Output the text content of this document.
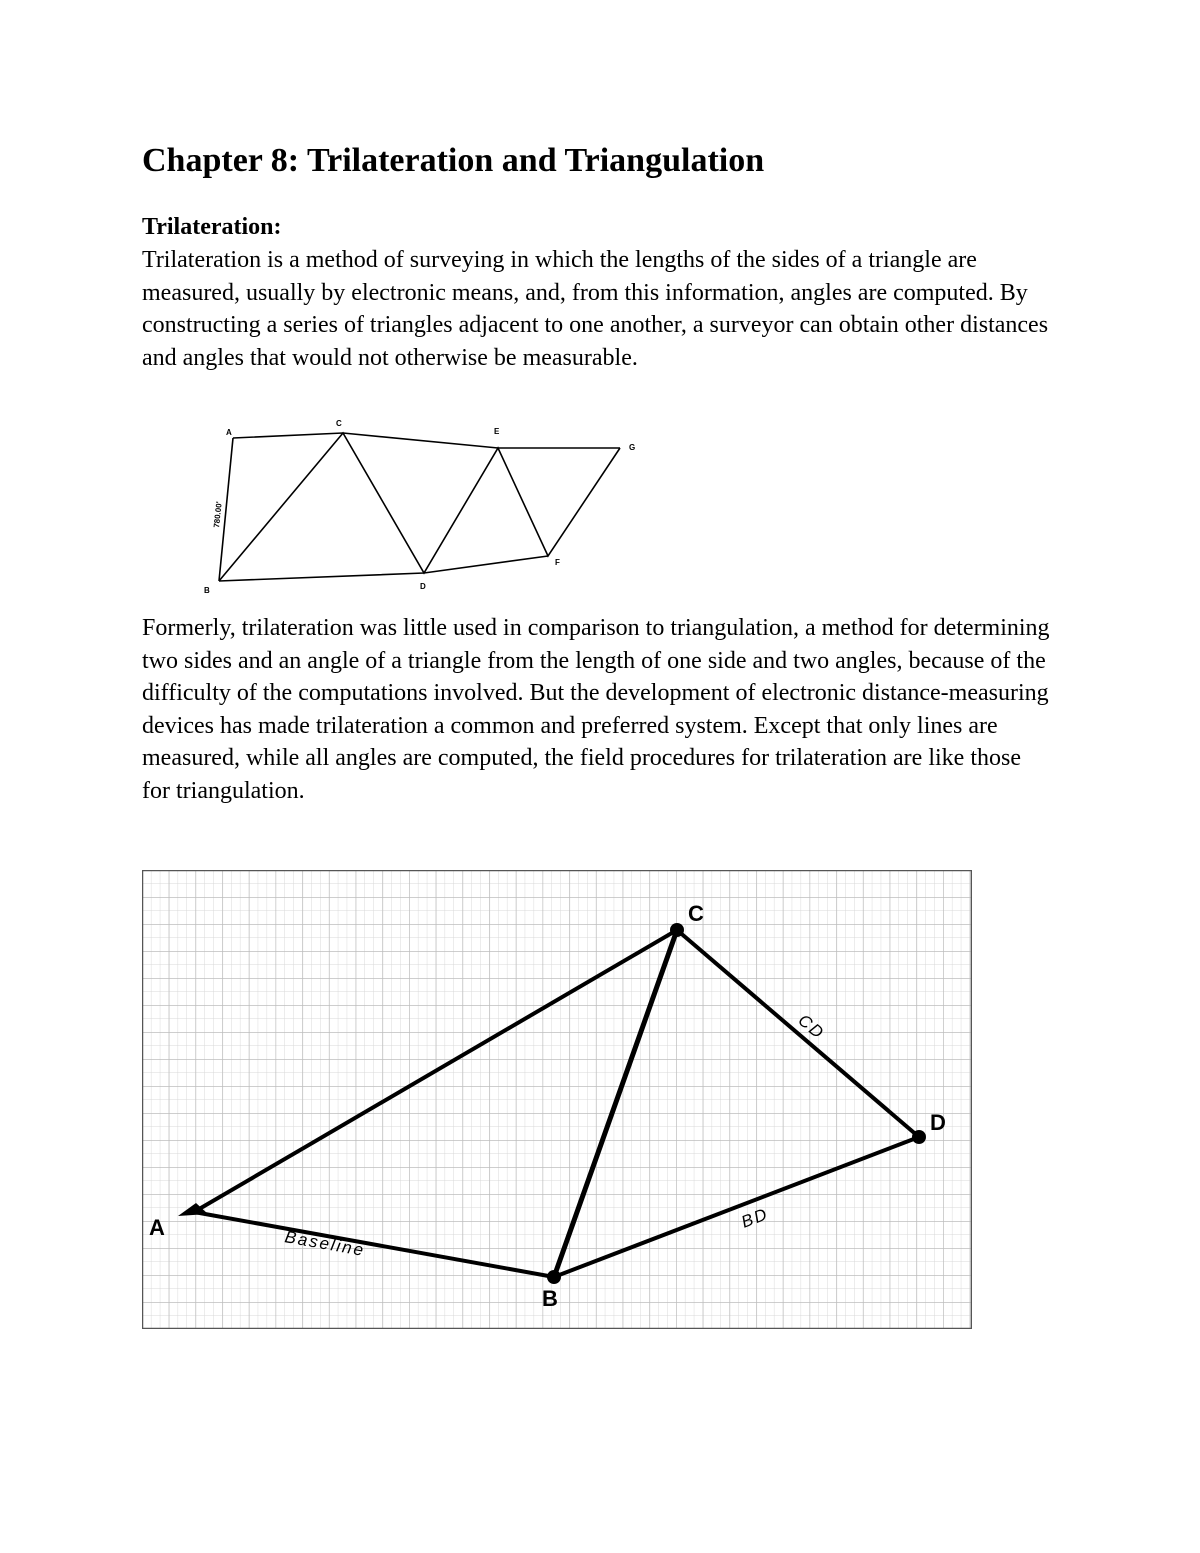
Chapter 8: Trilateration and Triangulation

Trilateration:

Trilateration is a method of surveying in which the lengths of the sides of a triangle are measured, usually by electronic means, and, from this information, angles are computed. By constructing a series of triangles adjacent to one another, a surveyor can obtain other distances and angles that would not otherwise be measurable.

A
C
E
G
B	D
F
780.00'

Formerly, trilateration was little used in comparison to triangulation, a method for determining two sides and an angle of a triangle from the length of one side and two angles, because of the difficulty of the computations involved. But the development of electronic distance-measuring devices has made trilateration a common and preferred system. Except that only lines are measured, while all angles are computed, the field procedures for trilateration are like those for triangulation.

A
B
C
D
Baseline
CD
BD
